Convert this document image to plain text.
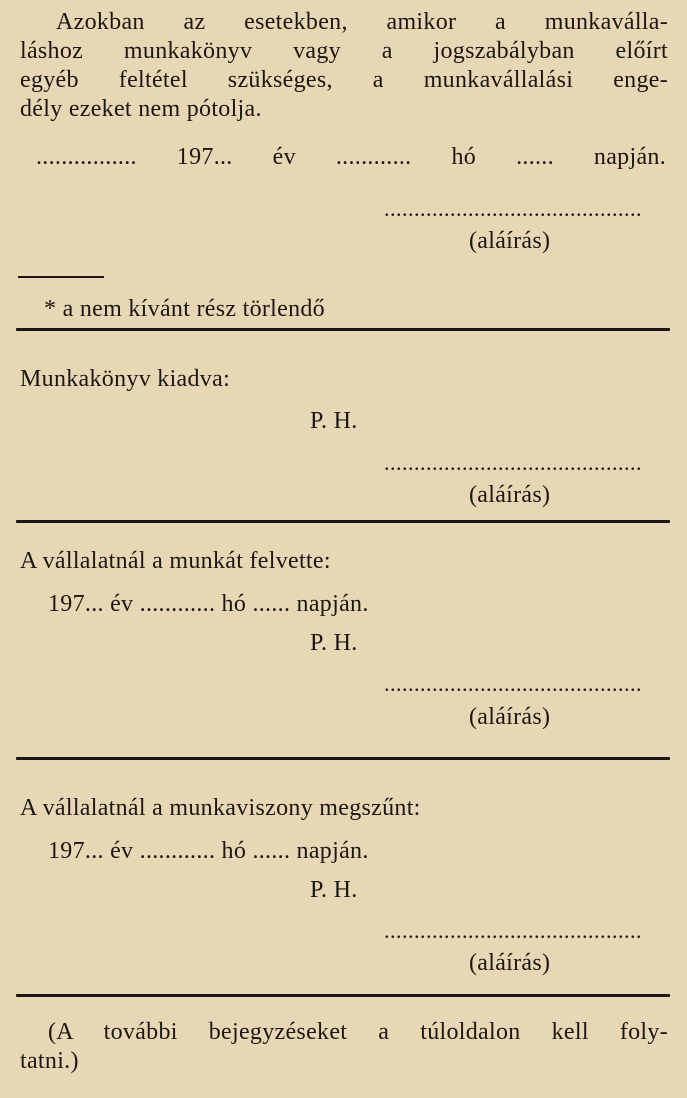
Azokban az esetekben, amikor a munkaválla-
láshoz munkakönyv vagy a jogszabályban előírt
egyéb feltétel szükséges, a munkavállalási enge-
dély ezeket nem pótolja.
................ 197... év ............ hó ...... napján.
...........................................
(aláírás)
* a nem kívánt rész törlendő
Munkakönyv kiadva:
P. H.
...........................................
(aláírás)
A vállalatnál a munkát felvette:
197... év ............ hó ...... napján.
P. H.
...........................................
(aláírás)
A vállalatnál a munkaviszony megszűnt:
197... év ............ hó ...... napján.
P. H.
...........................................
(aláírás)
(A további bejegyzéseket a túloldalon kell foly-
tatni.)
